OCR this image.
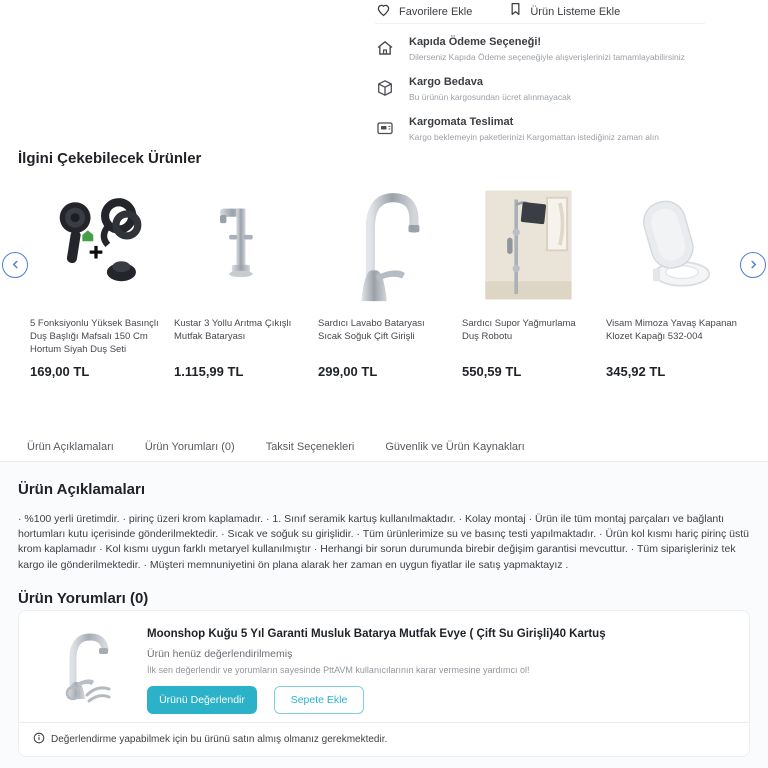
Favorilere Ekle	Ürün Listeme Ekle
Kapıda Ödeme Seçeneği!
Dilerseniz Kapıda Ödeme seçeneğiyle alışverişlerinizi tamamlayabilirsiniz
Kargo Bedava
Bu ürünün kargosundan ücret alınmayacak
Kargomata Teslimat
Kargo beklemeyin paketlerinizi Kargomattan istediğiniz zaman alın
İlgini Çekebilecek Ürünler
5 Fonksiyonlu Yüksek Basınçlı Duş Başlığı Mafsalı 150 Cm Hortum Siyah Duş Seti
169,00 TL
Kustar 3 Yollu Arıtma Çıkışlı Mutfak Bataryası
1.115,99 TL
Sardıcı Lavabo Bataryası Sıcak Soğuk Çift Girişli
299,00 TL
Sardıcı Supor Yağmurlama Duş Robotu
550,59 TL
Visam Mimoza Yavaş Kapanan Klozet Kapağı 532-004
345,92 TL
Ürün Açıklamaları	Ürün Yorumları (0)	Taksit Seçenekleri	Güvenlik ve Ürün Kaynakları
Ürün Açıklamaları

· %100 yerli üretimdir. · pirinç üzeri krom kaplamadır. · 1. Sınıf seramik kartuş kullanılmaktadır. · Kolay montaj · Ürün ile tüm montaj parçaları ve bağlantı hortumları kutu içerisinde gönderilmektedir. · Sıcak ve soğuk su girişlidir. · Tüm ürünlerimize su ve basınç testi yapılmaktadır. · Ürün kol kısmı hariç pirinç üstü krom kaplamadır · Kol kısmı uygun farklı metaryel kullanılmıştır · Herhangi bir sorun durumunda birebir değişim garantisi mevcuttur. · Tüm siparişleriniz tek kargo ile gönderilmektedir. · Müşteri memnuniyetini ön plana alarak her zaman en uygun fiyatlar ile satış yapmaktayız .

Ürün Yorumları (0)
Moonshop Kuğu 5 Yıl Garanti Musluk Batarya Mutfak Evye ( Çift Su Girişli)40 Kartuş
Ürün henüz değerlendirilmemiş
İlk sen değerlendir ve yorumların sayesinde PttAVM kullanıcılarının karar vermesine yardımcı ol!
Ürünü Değerlendir	Sepete Ekle
Değerlendirme yapabilmek için bu ürünü satın almış olmanız gerekmektedir.
